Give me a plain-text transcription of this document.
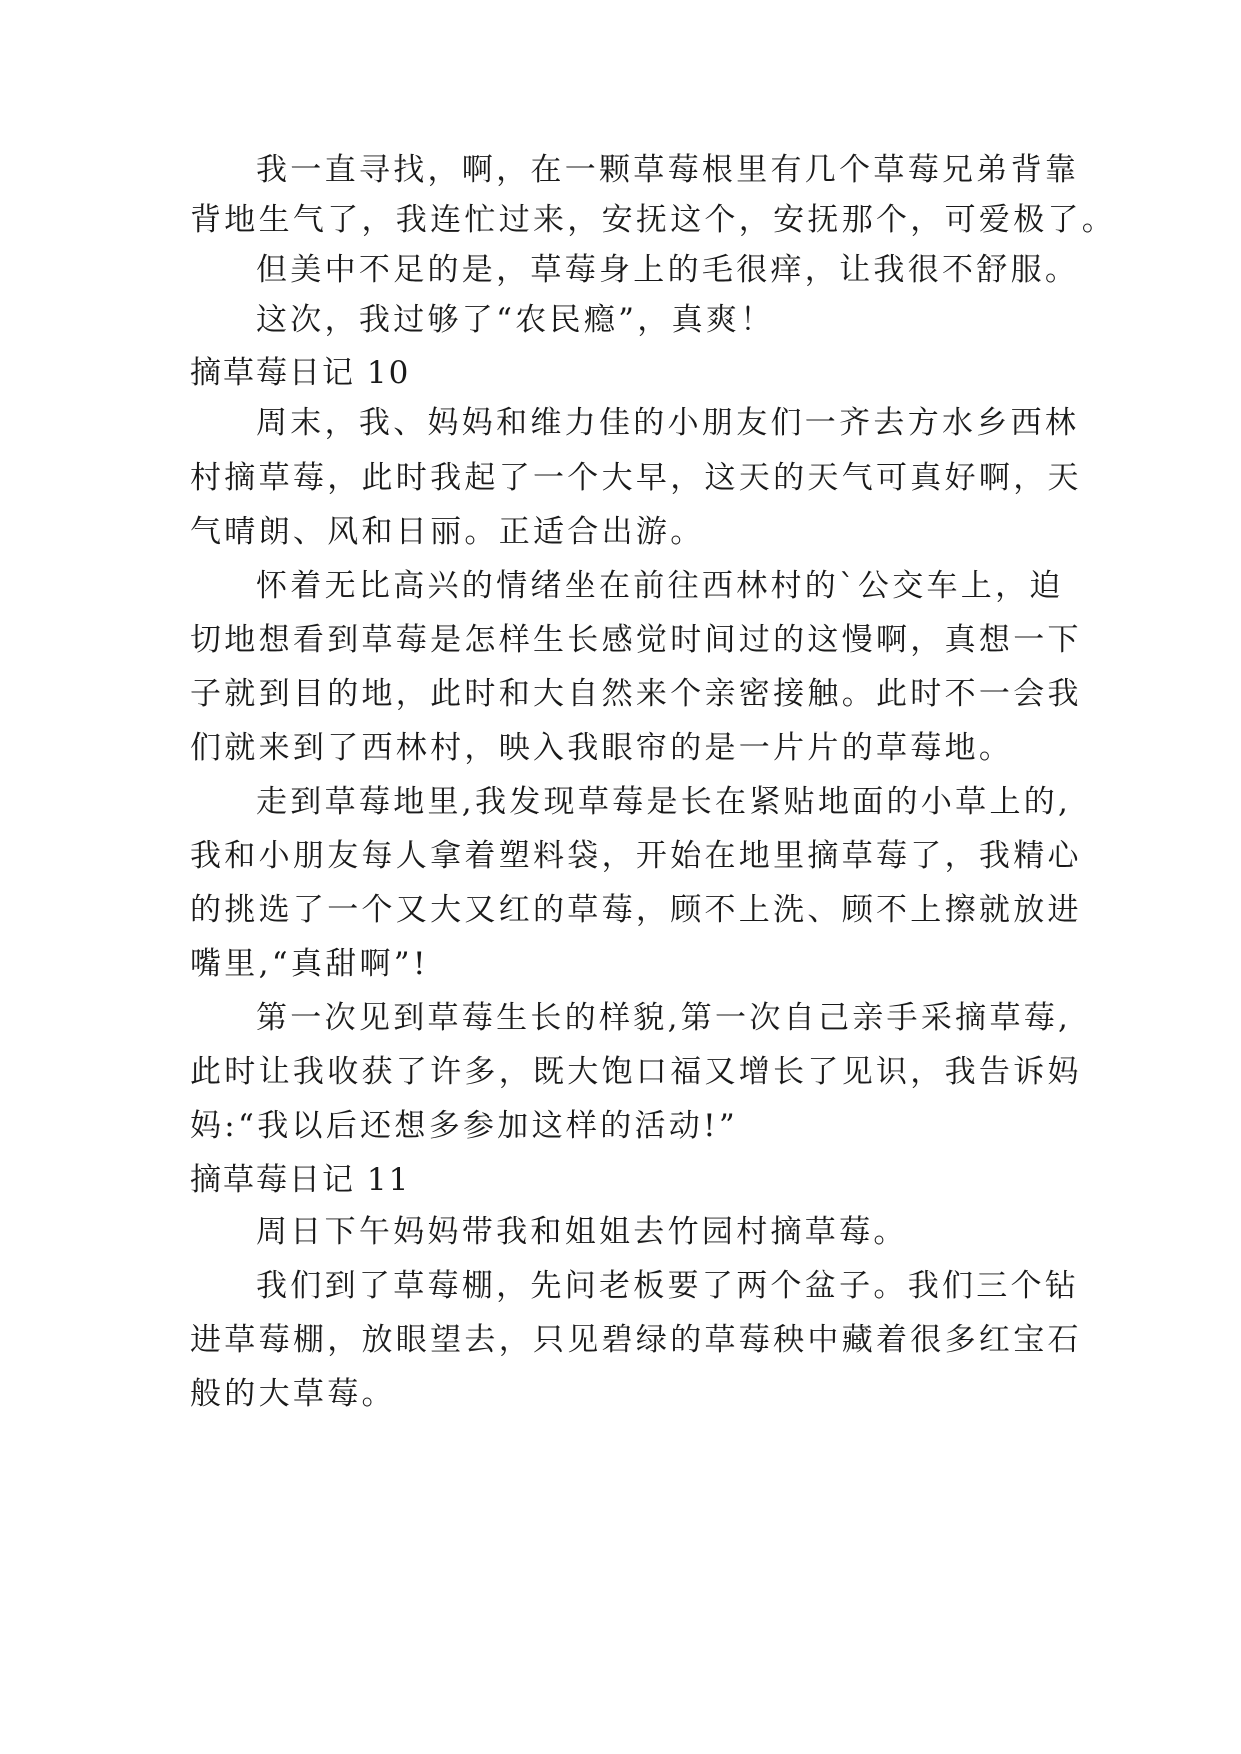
我一直寻找，啊，在一颗草莓根里有几个草莓兄弟背靠
背地生气了，我连忙过来，安抚这个，安抚那个，可爱极了。
但美中不足的是，草莓身上的毛很痒，让我很不舒服。
这次，我过够了“农民瘾”，真爽！
摘草莓日记 10
周末，我、妈妈和维力佳的小朋友们一齐去方水乡西林
村摘草莓，此时我起了一个大早，这天的天气可真好啊，天
气晴朗、风和日丽。正适合出游。
怀着无比高兴的情绪坐在前往西林村的`公交车上，迫
切地想看到草莓是怎样生长感觉时间过的这慢啊，真想一下
子就到目的地，此时和大自然来个亲密接触。此时不一会我
们就来到了西林村，映入我眼帘的是一片片的草莓地。
走到草莓地里,我发现草莓是长在紧贴地面的小草上的,
我和小朋友每人拿着塑料袋，开始在地里摘草莓了，我精心
的挑选了一个又大又红的草莓，顾不上洗、顾不上擦就放进
嘴里,“真甜啊”!
第一次见到草莓生长的样貌,第一次自己亲手采摘草莓,
此时让我收获了许多，既大饱口福又增长了见识，我告诉妈
妈:“我以后还想多参加这样的活动!”
摘草莓日记 11
周日下午妈妈带我和姐姐去竹园村摘草莓。
我们到了草莓棚，先问老板要了两个盆子。我们三个钻
进草莓棚，放眼望去，只见碧绿的草莓秧中藏着很多红宝石
般的大草莓。
